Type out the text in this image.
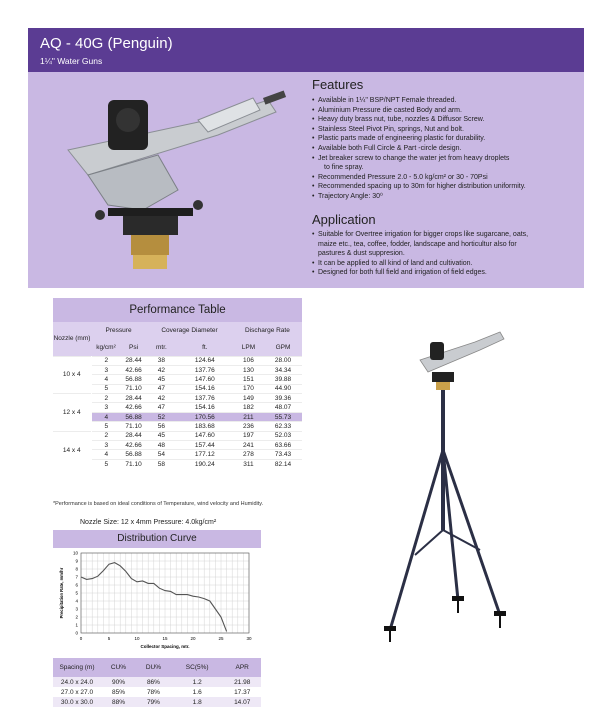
AQ - 40G (Penguin)
1¼" Water Guns
Features
• Available in 1¼" BSP/NPT Female threaded.
• Aluminium Pressure die casted Body and arm.
• Heavy duty brass nut, tube, nozzles & Diffusor Screw.
• Stainless Steel Pivot Pin, springs, Nut and bolt.
• Plastic parts made of engineering plastic for durability.
• Available both Full Circle & Part -circle design.
• Jet breaker screw to change the water jet from heavy droplets
to fine spray.
• Recommended Pressure 2.0 - 5.0 kg/cm² or 30 - 70Psi
• Recommended spacing up to 30m for higher distribution uniformity.
• Trajectory Angle: 30⁰
Application
• Suitable for Overtree irrigation for bigger crops like sugarcane, oats,
maize etc., tea, coffee, fodder, landscape and horticultur also for
pastures & dust suppresion.
• It can be applied to all kind of land and cultivation.
• Designed for both full field and irrigation of field edges.
Performance Table
Nozzle (mm)	Pressure		Coverage Diameter		Discharge Rate	
	kg/cm²	Psi	mtr.	ft.	LPM	GPM
10 x 4	2	28.44	38	124.64	106	28.00
	3	42.66	42	137.76	130	34.34
	4	56.88	45	147.60	151	39.88
	5	71.10	47	154.16	170	44.90
12 x 4	2	28.44	42	137.76	149	39.36
	3	42.66	47	154.16	182	48.07
	4	56.88	52	170.56	211	55.73
	5	71.10	56	183.68	236	62.33
14 x 4	2	28.44	45	147.60	197	52.03
	3	42.66	48	157.44	241	63.66
	4	56.88	54	177.12	278	73.43
	5	71.10	58	190.24	311	82.14
*Performance is based on ideal conditions of Temperature, wind velocity and Humidity.
Nozzle Size: 12 x 4mm Pressure: 4.0kg/cm²
Distribution Curve
0	5	10	15	20	25	30
0
1
2
3
4
5
6
7
8
9
10
Collector Spacing, mtr.
Precipitation Rate, mm/hr
Spacing (m)	CU%	DU%	SC(5%)	APR
24.0 x 24.0	90%	86%	1.2	21.98
27.0 x 27.0	85%	78%	1.6	17.37
30.0 x 30.0	88%	79%	1.8	14.07
